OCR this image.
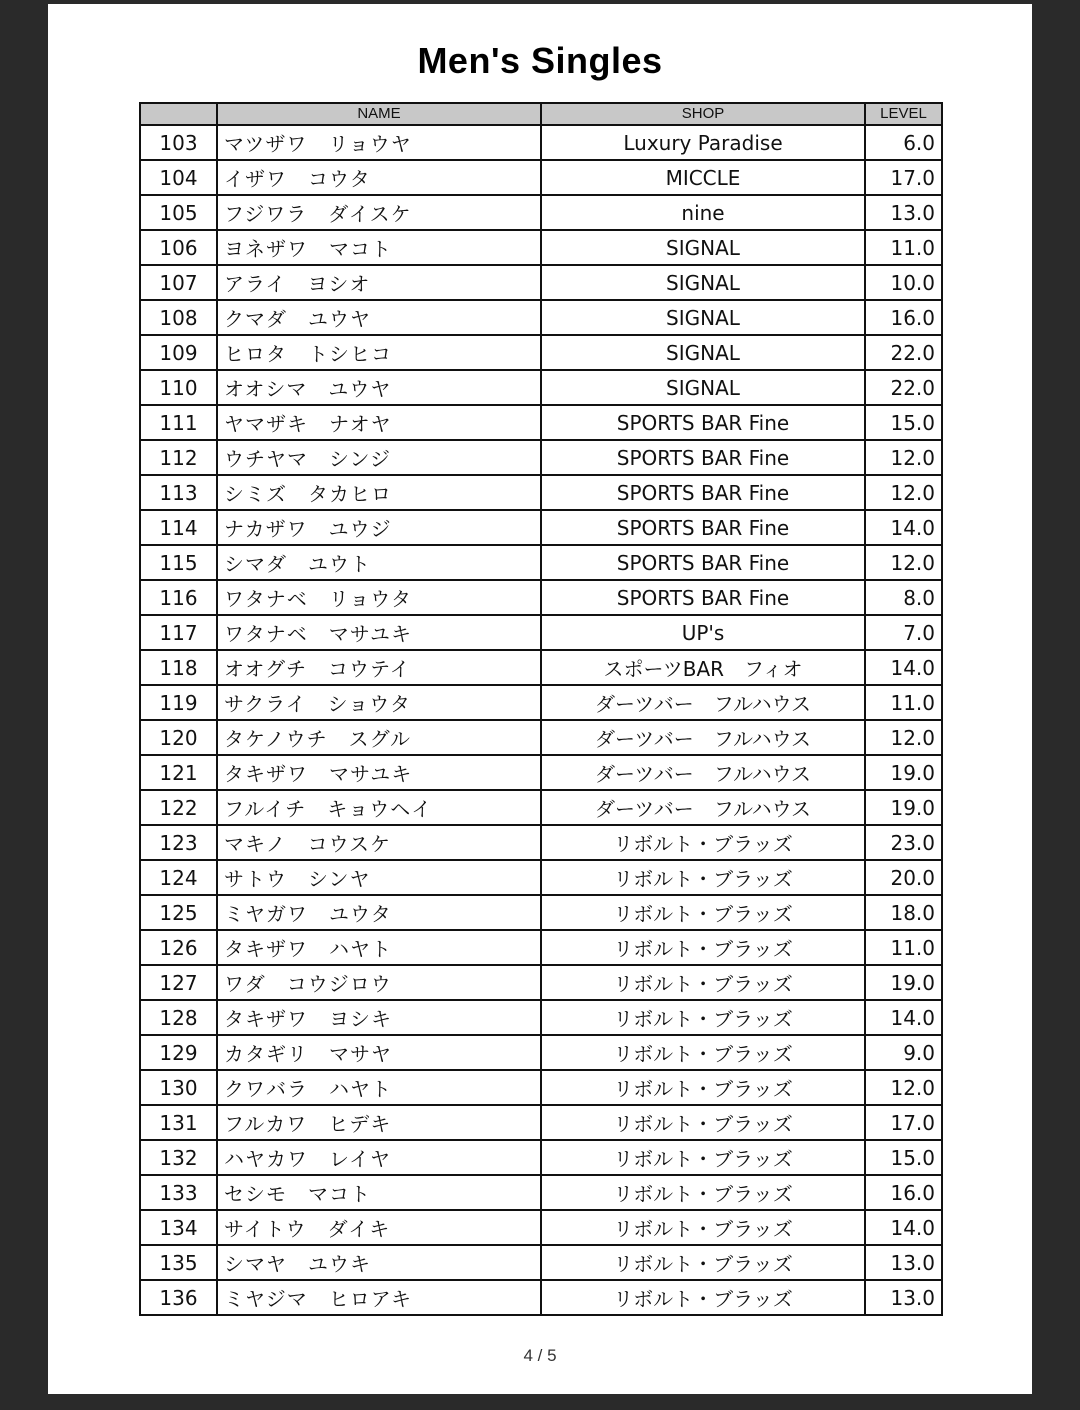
Men's Singles
	NAME	SHOP	LEVEL
103	マツザワ　リョウヤ	Luxury Paradise	6.0
104	イザワ　コウタ	MICCLE	17.0
105	フジワラ　ダイスケ	nine	13.0
106	ヨネザワ　マコト	SIGNAL	11.0
107	アライ　ヨシオ	SIGNAL	10.0
108	クマダ　ユウヤ	SIGNAL	16.0
109	ヒロタ　トシヒコ	SIGNAL	22.0
110	オオシマ　ユウヤ	SIGNAL	22.0
111	ヤマザキ　ナオヤ	SPORTS BAR Fine	15.0
112	ウチヤマ　シンジ	SPORTS BAR Fine	12.0
113	シミズ　タカヒロ	SPORTS BAR Fine	12.0
114	ナカザワ　ユウジ	SPORTS BAR Fine	14.0
115	シマダ　ユウト	SPORTS BAR Fine	12.0
116	ワタナベ　リョウタ	SPORTS BAR Fine	8.0
117	ワタナベ　マサユキ	UP's	7.0
118	オオグチ　コウテイ	スポーツBAR　フィオ	14.0
119	サクライ　ショウタ	ダーツバー　フルハウス	11.0
120	タケノウチ　スグル	ダーツバー　フルハウス	12.0
121	タキザワ　マサユキ	ダーツバー　フルハウス	19.0
122	フルイチ　キョウヘイ	ダーツバー　フルハウス	19.0
123	マキノ　コウスケ	リボルト・ブラッズ	23.0
124	サトウ　シンヤ	リボルト・ブラッズ	20.0
125	ミヤガワ　ユウタ	リボルト・ブラッズ	18.0
126	タキザワ　ハヤト	リボルト・ブラッズ	11.0
127	ワダ　コウジロウ	リボルト・ブラッズ	19.0
128	タキザワ　ヨシキ	リボルト・ブラッズ	14.0
129	カタギリ　マサヤ	リボルト・ブラッズ	9.0
130	クワバラ　ハヤト	リボルト・ブラッズ	12.0
131	フルカワ　ヒデキ	リボルト・ブラッズ	17.0
132	ハヤカワ　レイヤ	リボルト・ブラッズ	15.0
133	セシモ　マコト	リボルト・ブラッズ	16.0
134	サイトウ　ダイキ	リボルト・ブラッズ	14.0
135	シマヤ　ユウキ	リボルト・ブラッズ	13.0
136	ミヤジマ　ヒロアキ	リボルト・ブラッズ	13.0
4 / 5
